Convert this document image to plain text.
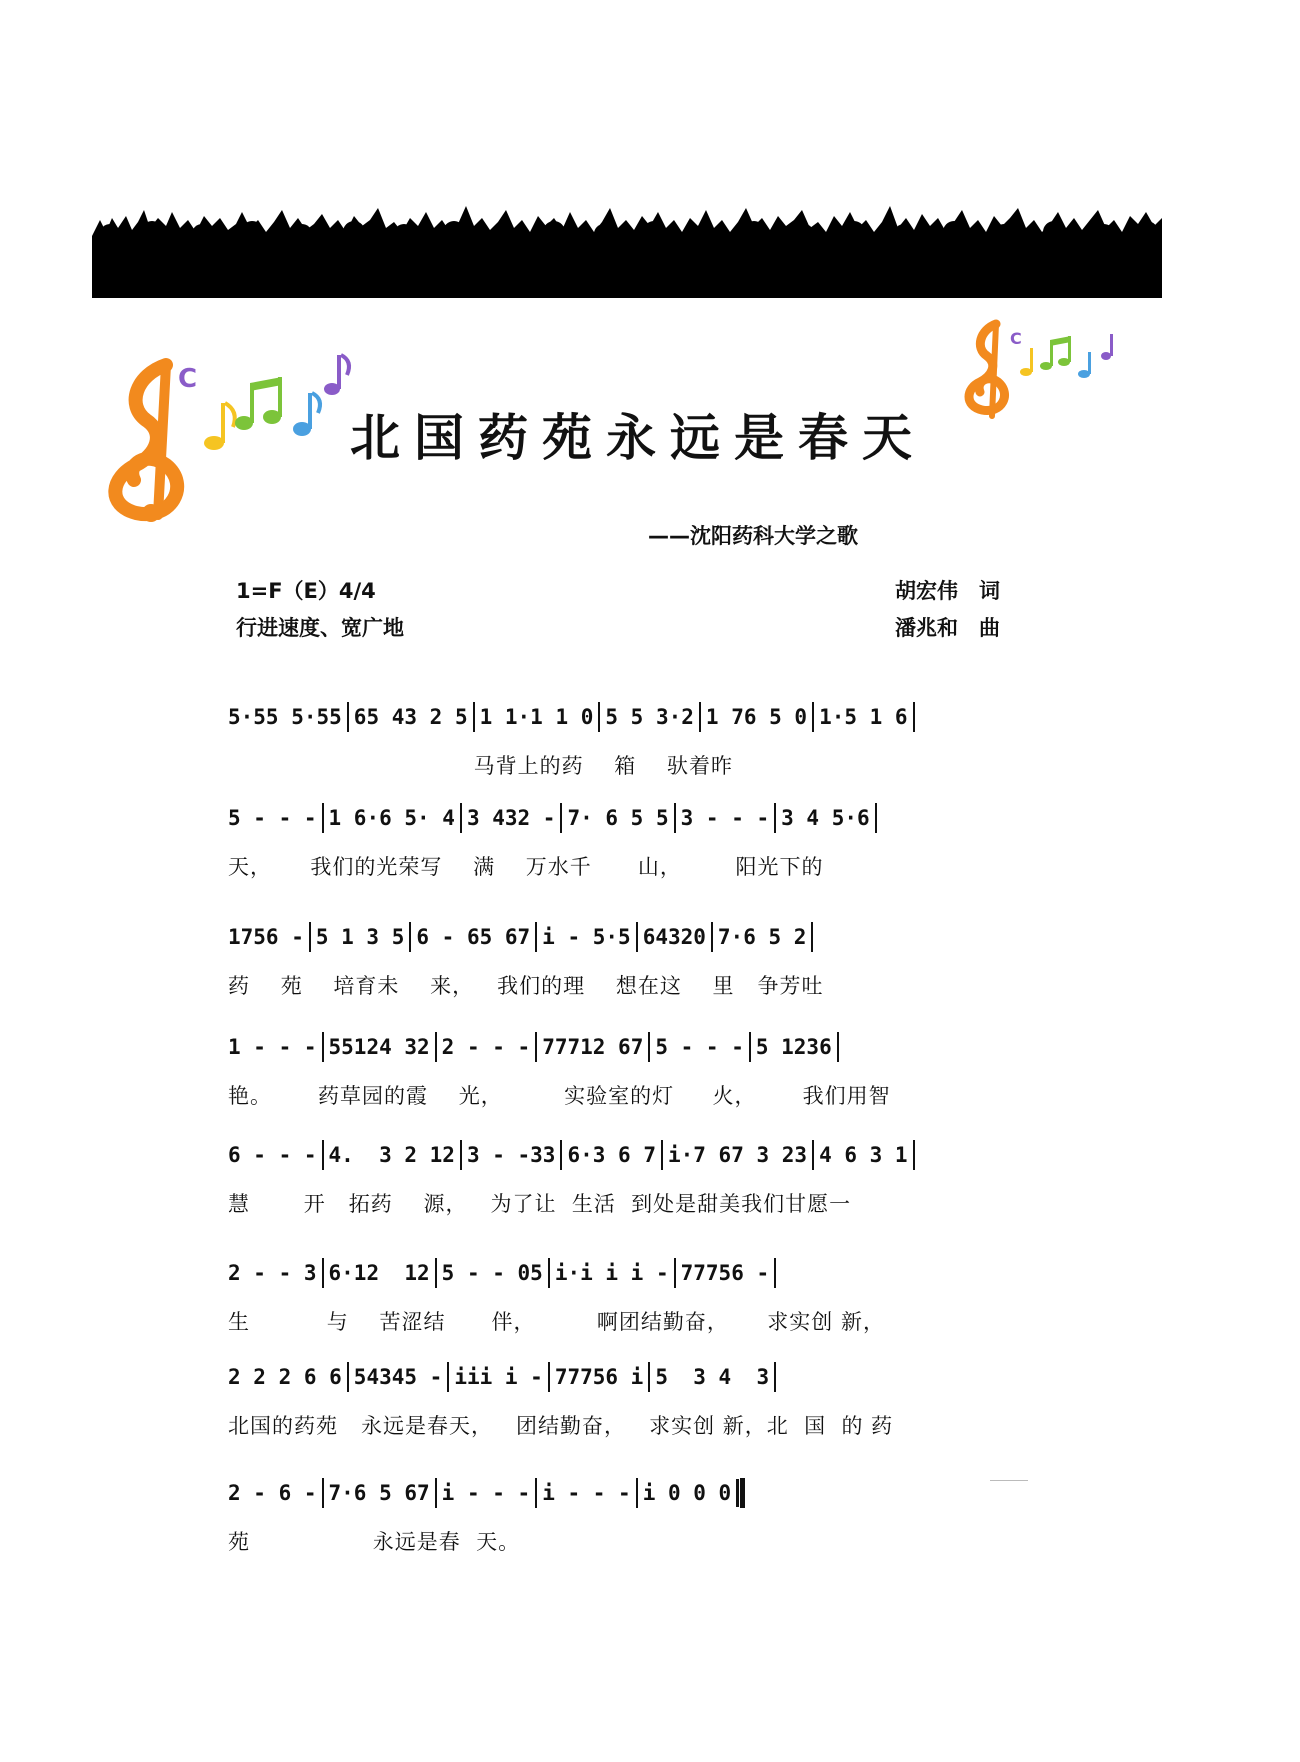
C
C
北国药苑永远是春天
——沈阳药科大学之歌
1=F（E）4/4
行进速度、宽广地
胡宏伟　词
潘兆和　曲
5·55 5·55 65 43 2 5 1 1·1 1 0 5 5 3·2 1 76 5 0 1·5 1 6
马背上的药    箱    驮着昨
5 - - - 1 6·6 5· 4 3 432 - 7· 6 5 5 3 - - - 3 4 5·6
天，     我们的光荣写    满    万水千      山，       阳光下的
1756 - 5 1 3 5 6 - 65 67 i - 5·5 64320 7·6 5 2
药    苑    培育未    来，   我们的理    想在这    里   争芳吐
1 - - - 55124 32 2 - - - 77712 67 5 - - - 5 1236
艳。      药草园的霞    光，        实验室的灯     火，      我们用智
6 - - - 4.  3 2 12 3 - -33 6·3 6 7 i·7 67 3 23 4 6 3 1
慧       开   拓药    源，   为了让  生活  到处是甜美我们甘愿一
2 - - 3 6·12  12 5 - - 05 i·i i i - 77756 -
生          与    苦涩结      伴，        啊团结勤奋，     求实创 新，
2 2 2 6 6 54345 - iii i - 77756 i 5  3 4  3
北国的药苑   永远是春天，   团结勤奋，   求实创 新，北  国  的 药
2 - 6 - 7·6 5 67 i - - - i - - - i 0 0 0
苑                永远是春  天。
